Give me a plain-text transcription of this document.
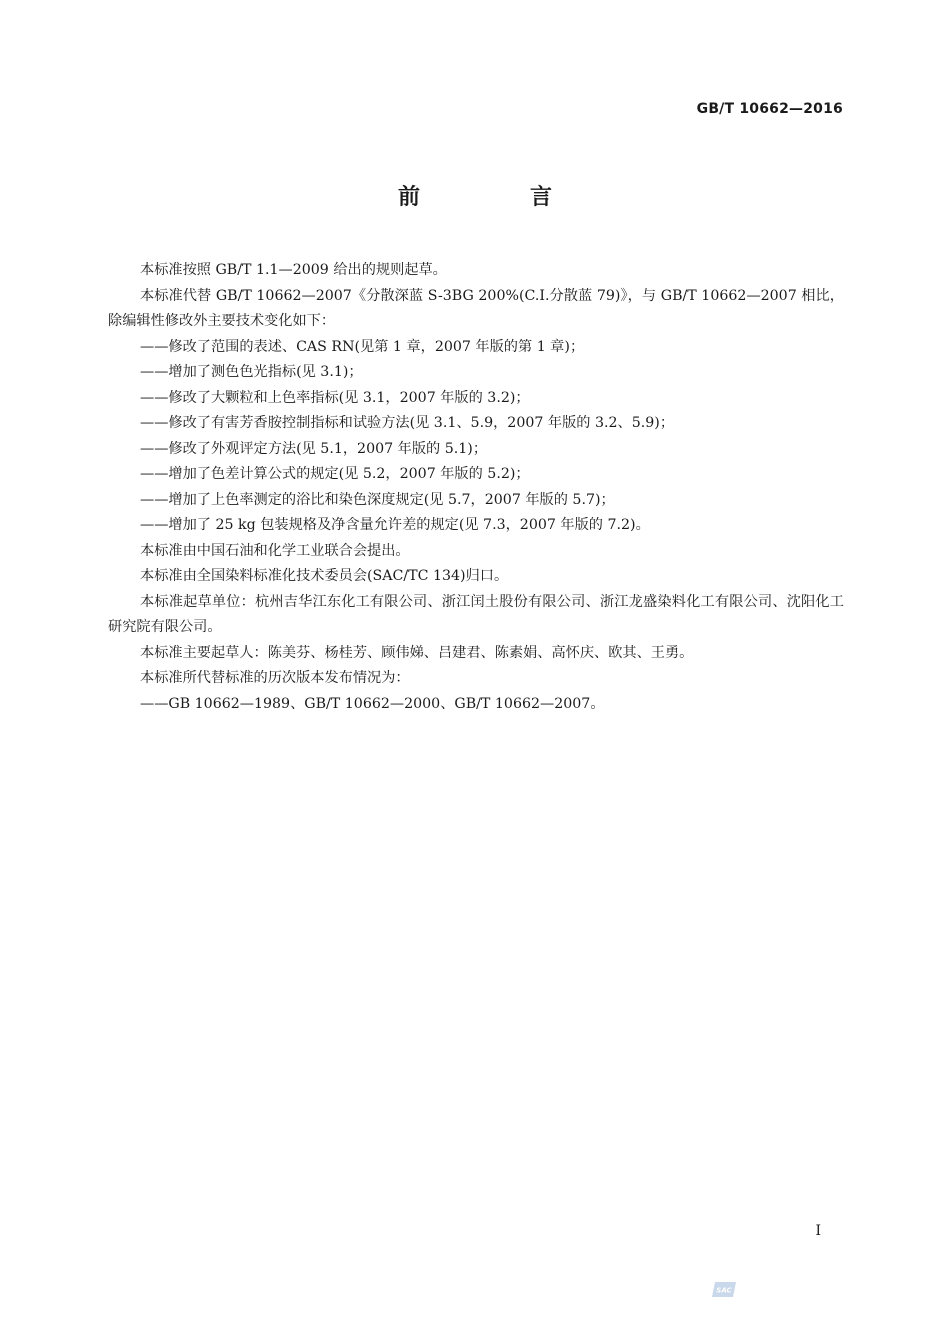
GB/T 10662—2016
前　言

本标准按照 GB/T 1.1—2009 给出的规则起草。

本标准代替 GB/T 10662—2007《分散深蓝 S-3BG 200%(C.I.分散蓝 79)》，与 GB/T 10662—2007 相比，除编辑性修改外主要技术变化如下：

——修改了范围的表述、CAS RN(见第 1 章，2007 年版的第 1 章)；

——增加了测色色光指标(见 3.1)；

——修改了大颗粒和上色率指标(见 3.1，2007 年版的 3.2)；

——修改了有害芳香胺控制指标和试验方法(见 3.1、5.9，2007 年版的 3.2、5.9)；

——修改了外观评定方法(见 5.1，2007 年版的 5.1)；

——增加了色差计算公式的规定(见 5.2，2007 年版的 5.2)；

——增加了上色率测定的浴比和染色深度规定(见 5.7，2007 年版的 5.7)；

——增加了 25 kg 包装规格及净含量允许差的规定(见 7.3，2007 年版的 7.2)。

本标准由中国石油和化学工业联合会提出。

本标准由全国染料标准化技术委员会(SAC/TC 134)归口。

本标准起草单位：杭州吉华江东化工有限公司、浙江闰土股份有限公司、浙江龙盛染料化工有限公司、沈阳化工研究院有限公司。

本标准主要起草人：陈美芬、杨桂芳、顾伟娣、吕建君、陈素娟、高怀庆、欧其、王勇。

本标准所代替标准的历次版本发布情况为：

——GB 10662—1989、GB/T 10662—2000、GB/T 10662—2007。

I
SAC
